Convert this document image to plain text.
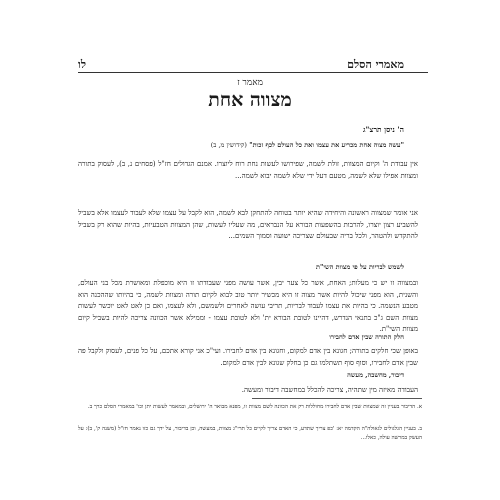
מאמרי הסלם
לו
מאמר ז
מצווה אחת
ה' ניסן תרצ"ג
"עשה מצוה אחת מכריע את עצמו ואת כל העולם לכף זכות" (קידושין מ, ב)
אין עבודת ה' וקיום המצוות, זולת לשמה, שפירושו לעשות נחת רוח ליוצרו. אמנם הגדולים חז"ל (פסחים נ, ב), לעסוק בתורה ומצוות אפילו שלא לשמה, מטעם דעל ידי שלא לשמה יבוא לשמה...
אני אומר שמצווה ראשונה והיחידה שהיא יותר בטוחה להתחקן לבא לשמה, הוא לקבל על עצמו שלא לעבוד לעצמו אלא בשביל להשביע רצון יוצרו, להרבות בהשפעות הבורא על הנבראים, מה שעליו לעשות, שהן המצוות הטבעיות, בהיות שהוא רק בשביל להתקדש ולהטהר, ולכל בריה שבעולם שצריכה ישועה וסמוך השמים...
לשמש לבריות על פי מצוות השי"ת
ובמצווה זו יש כי מעלות; האחת, אשר כל צער יבין, אשר עושה מפני שעבודתו זו היא מוכפלת ומאושרת מכל בני העולם, והשנית, הוא מפני שיכול להיות אשר מצוה זו היא מכשיר יותר טוב לבוא לקיום תורה ומצוות לשמה, כי בהיותו שההכנה הוא מטבע הנשמה. כי בהיות את עצמו לעבוד לבריות, תריבי עושה לאחרים ולשמשם, ולא לעצמו, ואם כן לאט לאט יוכשר לעשות מצוות השם ג"כ בתנאי הנדרש, דהיינו לטובת הבורא ית' ולא לטובת עצמו - וממילא אשר הכוונה צריכה להיות בשביל קיום מצוות השי"ת.
חלק התורה שבין אדם לחבירו
באופן שכי חלקים בתורה; חגונא בין אדם למקום, וחגונא בין אדם לחבירו. ועי"כ אני קורא אתכם, על כל פנים, לעסוק ולקבל פה שבין אדם לחבירו, וסוף סוף תשתלמו גם כן בחלק שגונא לבין אדם למקום.
דיבור, מחשבה, מעשה
העבודה מאיזה מין שתהיה, צריכה להכלל במחשבה דיבור ומעשה.
א. הדיבור בעניין זה שמצוות שבין אדם לחבירו מחוללות רק את הכוונה לשם מצוות זו, מפנא מבואר ה' ירושלים, ובמאמר לעשות יתן וכו' במאמרי הסלם כרך ב.
ב. בעניין הגלגולים לגאולה"ה הקדמה יא: 'כפ צריך שתדע, כי האדם צריך לקיים כל תרי"ג מצוות, במעשה, וכן בדיבור, על ידך גם כזו נאמר חז"ל (משנה ק', ב): על העשק במרשה עולה, כאלו...
